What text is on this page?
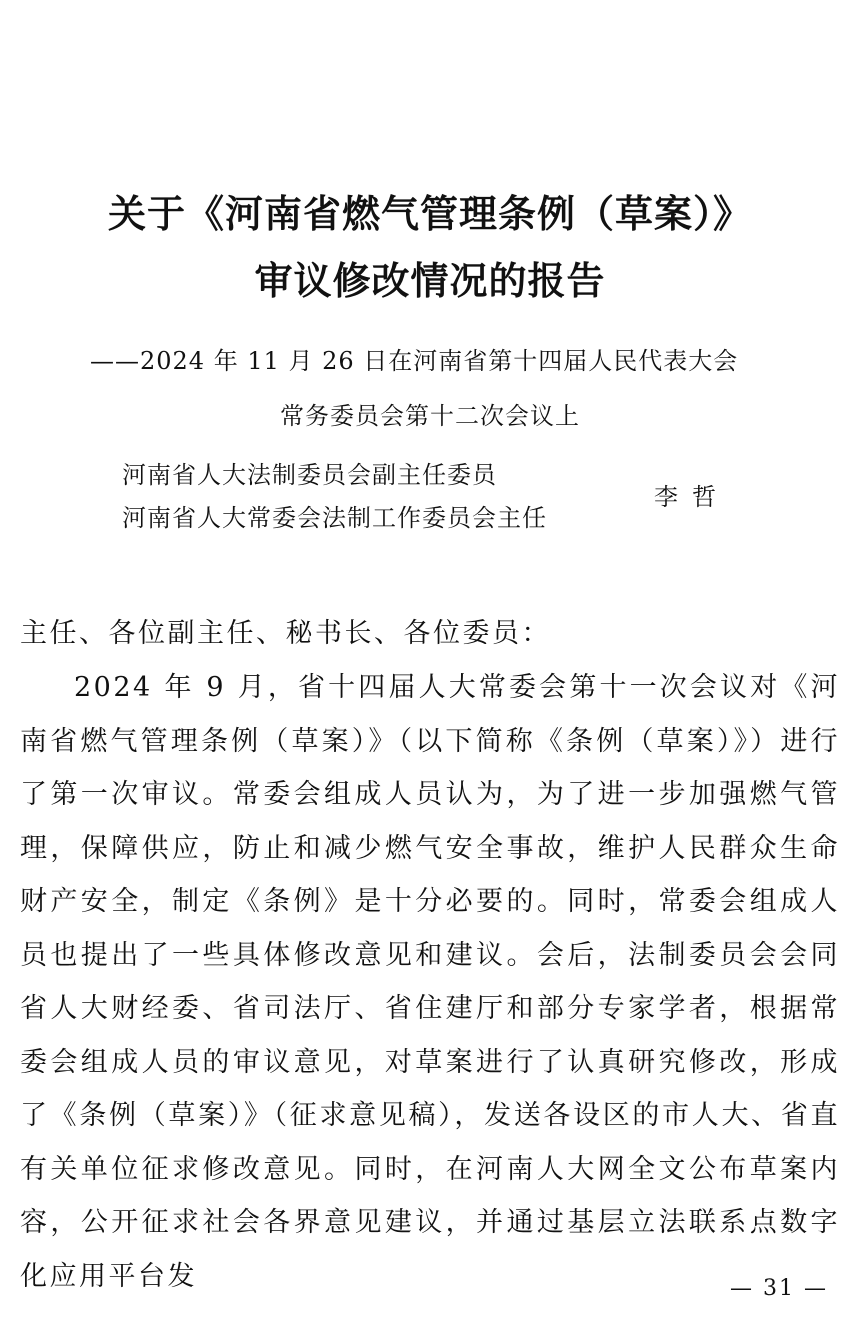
关于《河南省燃气管理条例（草案）》
审议修改情况的报告
——2024 年 11 月 26 日在河南省第十四届人民代表大会
常务委员会第十二次会议上
河南省人大法制委员会副主任委员
河南省人大常委会法制工作委员会主任
李哲

主任、各位副主任、秘书长、各位委员：

2024 年 9 月，省十四届人大常委会第十一次会议对《河南省燃气管理条例（草案）》（以下简称《条例（草案）》）进行了第一次审议。常委会组成人员认为，为了进一步加强燃气管理，保障供应，防止和减少燃气安全事故，维护人民群众生命财产安全，制定《条例》是十分必要的。同时，常委会组成人员也提出了一些具体修改意见和建议。会后，法制委员会会同省人大财经委、省司法厅、省住建厅和部分专家学者，根据常委会组成人员的审议意见，对草案进行了认真研究修改，形成了《条例（草案）》（征求意见稿），发送各设区的市人大、省直有关单位征求修改意见。同时，在河南人大网全文公布草案内容，公开征求社会各界意见建议，并通过基层立法联系点数字化应用平台发	— 31 —
